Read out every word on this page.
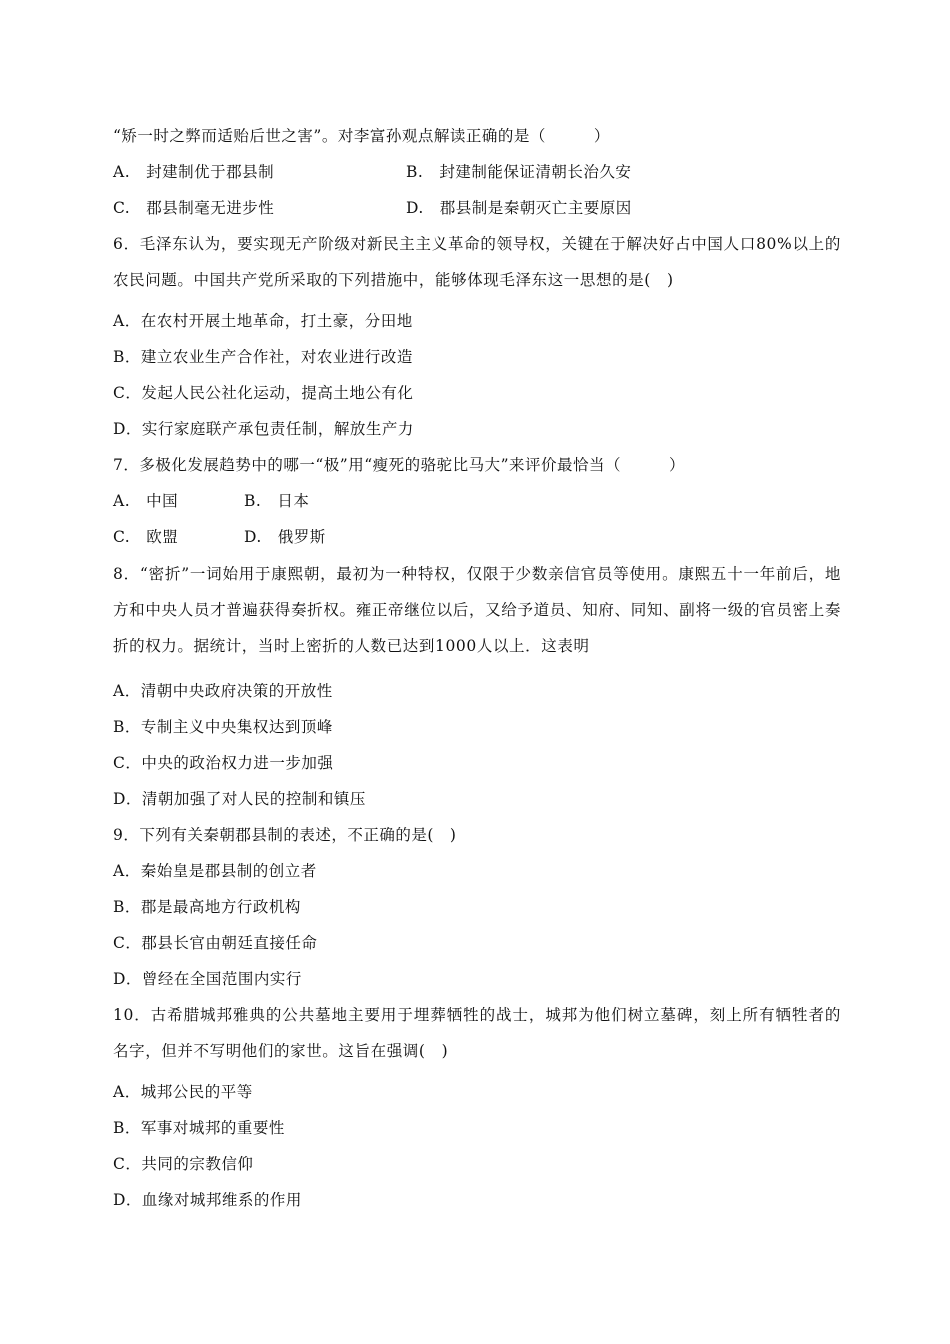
“矫一时之弊而适贻后世之害”。对李富孙观点解读正确的是（　　　）
A.　封建制优于郡县制	B.　封建制能保证清朝长治久安
C.　郡县制毫无进步性	D.　郡县制是秦朝灭亡主要原因
6．毛泽东认为，要实现无产阶级对新民主主义革命的领导权，关键在于解决好占中国人口80%以上的农民问题。中国共产党所采取的下列措施中，能够体现毛泽东这一思想的是(　)
A．在农村开展土地革命，打土豪，分田地
B．建立农业生产合作社，对农业进行改造
C．发起人民公社化运动，提高土地公有化
D．实行家庭联产承包责任制，解放生产力
7．多极化发展趋势中的哪一“极”用“瘦死的骆驼比马大”来评价最恰当（　　　）
A.　中国	B.　日本
C.　欧盟	D.　俄罗斯
8．“密折”一词始用于康熙朝，最初为一种特权，仅限于少数亲信官员等使用。康熙五十一年前后，地方和中央人员才普遍获得奏折权。雍正帝继位以后，又给予道员、知府、同知、副将一级的官员密上奏折的权力。据统计，当时上密折的人数已达到1000人以上．这表明
A．清朝中央政府决策的开放性
B．专制主义中央集权达到顶峰
C．中央的政治权力进一步加强
D．清朝加强了对人民的控制和镇压
9．下列有关秦朝郡县制的表述，不正确的是(　)
A．秦始皇是郡县制的创立者
B．郡是最高地方行政机构
C．郡县长官由朝廷直接任命
D．曾经在全国范围内实行
10．古希腊城邦雅典的公共墓地主要用于埋葬牺牲的战士，城邦为他们树立墓碑，刻上所有牺牲者的名字，但并不写明他们的家世。这旨在强调(　)
A．城邦公民的平等
B．军事对城邦的重要性
C．共同的宗教信仰
D．血缘对城邦维系的作用
